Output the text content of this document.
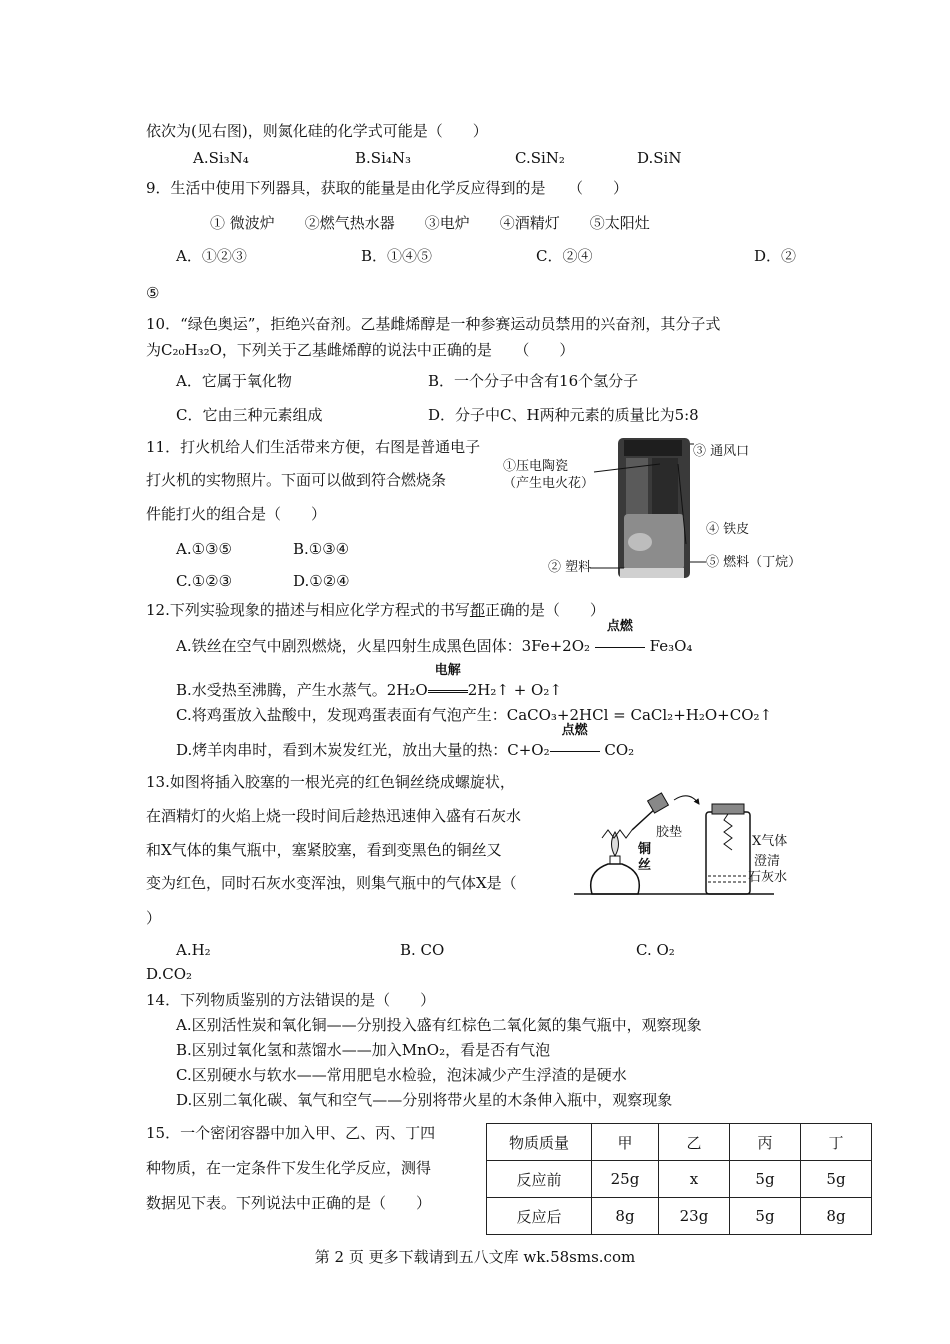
依次为(见右图)，则氮化硅的化学式可能是（　　）
A.Si₃N₄	B.Si₄N₃	C.SiN₂	D.SiN
9．生活中使用下列器具，获取的能量是由化学反应得到的是　　（　　）
① 微波炉　　②燃气热水器　　③电炉　　④酒精灯　　⑤太阳灶
A．①②③	B．①④⑤	C．②④	D．②
⑤
10．“绿色奥运”，拒绝兴奋剂。乙基雌烯醇是一种参赛运动员禁用的兴奋剂，其分子式
为C₂₀H₃₂O，下列关于乙基雌烯醇的说法中正确的是　　（　　）
A．它属于氧化物	B．一个分子中含有16个氢分子
C．它由三种元素组成	D．分子中C、H两种元素的质量比为5:8
11．打火机给人们生活带来方便，右图是普通电子
打火机的实物照片。下面可以做到符合燃烧条
件能打火的组合是（　　）
A.①③⑤	B.①③④
C.①②③	D.①②④
①压电陶瓷
（产生电火花）
③ 通风口
④ 铁皮
② 塑料	⑤ 燃料（丁烷）
12.下列实验现象的描述与相应化学方程式的书写都正确的是（　　）
A.铁丝在空气中剧烈燃烧，火星四射生成黑色固体：3Fe+2O₂
点燃
Fe₃O₄
B.水受热至沸腾，产生水蒸气。2H₂O
电解
2H₂↑ + O₂↑
C.将鸡蛋放入盐酸中，发现鸡蛋表面有气泡产生：CaCO₃+2HCl = CaCl₂+H₂O+CO₂↑
D.烤羊肉串时，看到木炭发红光，放出大量的热：C+O₂
点燃
CO₂
13.如图将插入胶塞的一根光亮的红色铜丝绕成螺旋状，
在酒精灯的火焰上烧一段时间后趁热迅速伸入盛有石灰水
和X气体的集气瓶中，塞紧胶塞，看到变黑色的铜丝又
变为红色，同时石灰水变浑浊，则集气瓶中的气体X是（
）
A.H₂	B. CO	C. O₂
D.CO₂
胶垫
铜
丝
X气体
澄清
石灰水
14．下列物质鉴别的方法错误的是（　　）
A.区别活性炭和氧化铜——分别投入盛有红棕色二氧化氮的集气瓶中，观察现象
B.区别过氧化氢和蒸馏水——加入MnO₂，看是否有气泡
C.区别硬水与软水——常用肥皂水检验，泡沫减少产生浮渣的是硬水
D.区别二氧化碳、氧气和空气——分别将带火星的木条伸入瓶中，观察现象
15．一个密闭容器中加入甲、乙、丙、丁四
种物质，在一定条件下发生化学反应，测得
数据见下表。下列说法中正确的是（　　）
物质质量	甲	乙	丙	丁
反应前	25g	x	5g	5g
反应后	8g	23g	5g	8g
第 2 页 更多下载请到五八文库 wk.58sms.com
